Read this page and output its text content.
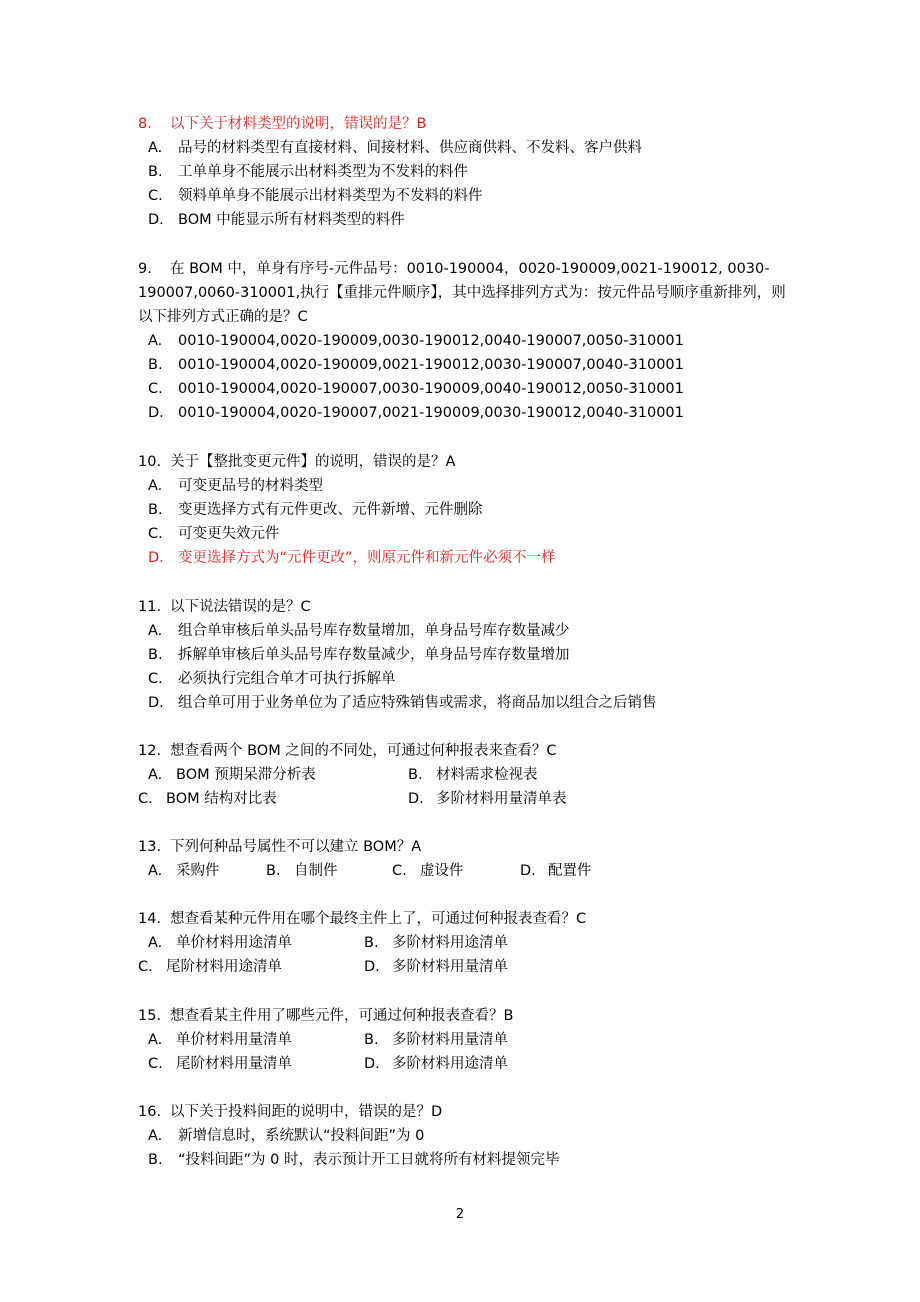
8. 以下关于材料类型的说明，错误的是？B
A. 品号的材料类型有直接材料、间接材料、供应商供料、不发料、客户供料
B. 工单单身不能展示出材料类型为不发料的料件
C. 领料单单身不能展示出材料类型为不发料的料件
D. BOM 中能显示所有材料类型的料件
9. 在 BOM 中，单身有序号-元件品号：0010-190004，0020-190009,0021-190012, 0030-190007,0060-310001,执行【重排元件顺序】，其中选择排列方式为：按元件品号顺序重新排列，则以下排列方式正确的是？C
A. 0010-190004,0020-190009,0030-190012,0040-190007,0050-310001
B. 0010-190004,0020-190009,0021-190012,0030-190007,0040-310001
C. 0010-190004,0020-190007,0030-190009,0040-190012,0050-310001
D. 0010-190004,0020-190007,0021-190009,0030-190012,0040-310001
10. 关于【整批变更元件】的说明，错误的是？A
A. 可变更品号的材料类型
B. 变更选择方式有元件更改、元件新增、元件删除
C. 可变更失效元件
D. 变更选择方式为“元件更改”，则原元件和新元件必须不一样
11. 以下说法错误的是？C
A. 组合单审核后单头品号库存数量增加，单身品号库存数量减少
B. 拆解单审核后单头品号库存数量减少，单身品号库存数量增加
C. 必须执行完组合单才可执行拆解单
D. 组合单可用于业务单位为了适应特殊销售或需求，将商品加以组合之后销售
12. 想查看两个 BOM 之间的不同处，可通过何种报表来查看？C
A. BOM 预期呆滞分析表	B. 材料需求检视表
C. BOM 结构对比表	D. 多阶材料用量清单表
13. 下列何种品号属性不可以建立 BOM？A
A. 采购件	B. 自制件	C. 虚设件	D. 配置件
14. 想查看某种元件用在哪个最终主件上了，可通过何种报表查看？C
A. 单价材料用途清单	B. 多阶材料用途清单
C. 尾阶材料用途清单	D. 多阶材料用量清单
15. 想查看某主件用了哪些元件，可通过何种报表查看？B
A. 单价材料用量清单	B. 多阶材料用量清单
C. 尾阶材料用量清单	D. 多阶材料用途清单
16. 以下关于投料间距的说明中，错误的是？D
A. 新增信息时，系统默认“投料间距”为 0
B. “投料间距”为 0 时，表示预计开工日就将所有材料提领完毕
2
